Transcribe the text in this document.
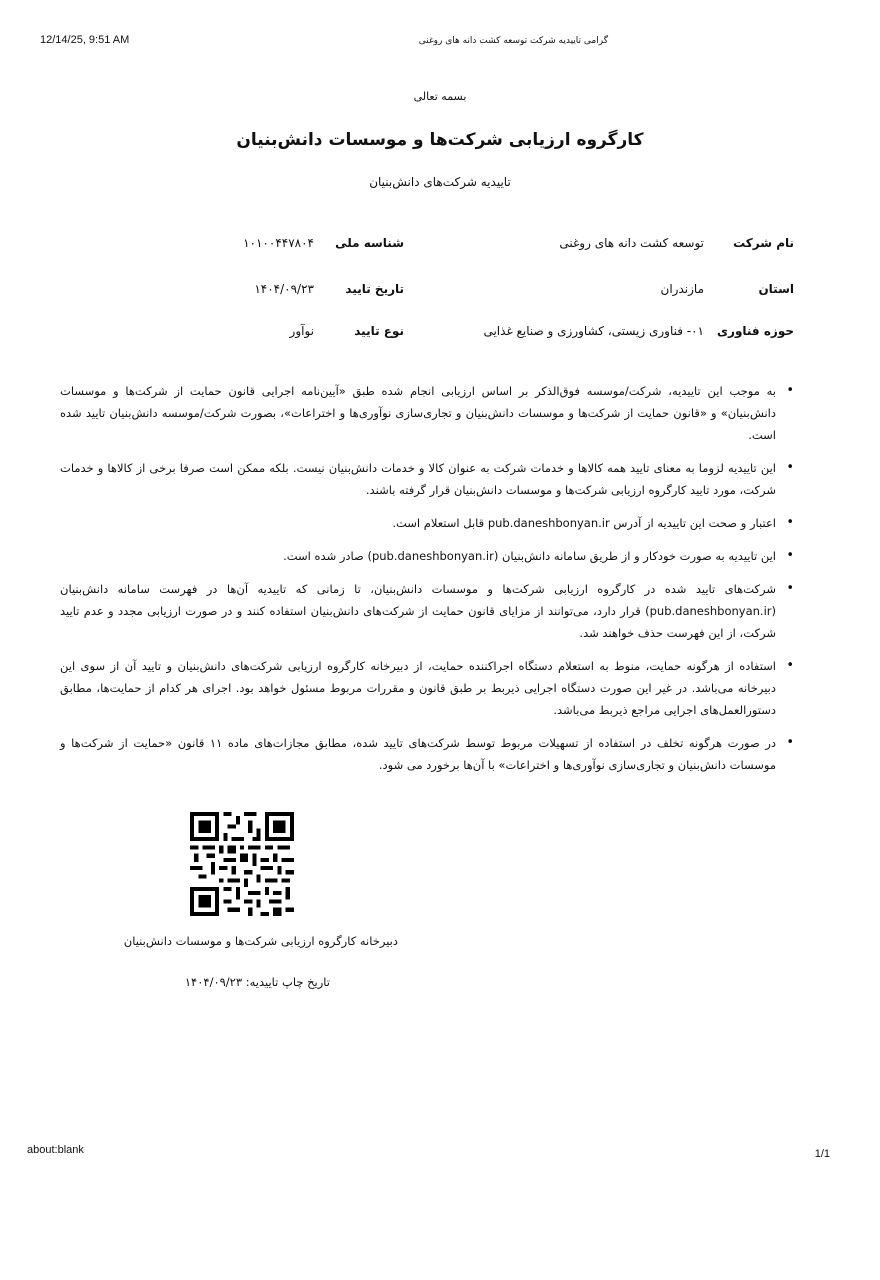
12/14/25, 9:51 AM	گرامی تاییدیه شرکت توسعه کشت دانه های روغنی
بسمه تعالی
کارگروه ارزیابی شرکت‌ها و موسسات دانش‌بنیان
تاییدیه شرکت‌های دانش‌بنیان
نام شرکت
توسعه کشت دانه های روغنی
شناسه ملی
۱۰۱۰۰۴۴۷۸۰۴
استان
مازندران
تاریخ تایید
۱۴۰۴/۰۹/۲۳
حوزه فناوری
۰۱- فناوری زیستی، کشاورزی و صنایع غذایی
نوع تایید
نوآور
•
به موجب این تاییدیه، شرکت/موسسه فوق‌الذکر بر اساس ارزیابی انجام شده طبق «آیین‌نامه اجرایی قانون حمایت از شرکت‌ها و موسسات دانش‌بنیان» و «قانون حمایت از شرکت‌ها و موسسات دانش‌بنیان و تجاری‌سازی نوآوری‌ها و اختراعات»، بصورت شرکت/موسسه دانش‌بنیان تایید شده است.
•
این تاییدیه لزوما به معنای تایید همه کالاها و خدمات شرکت به عنوان کالا و خدمات دانش‌بنیان نیست. بلکه ممکن است صرفا برخی از کالاها و خدمات شرکت، مورد تایید کارگروه ارزیابی شرکت‌ها و موسسات دانش‌بنیان قرار گرفته باشند.
•
اعتبار و صحت این تاییدیه از آدرس pub.daneshbonyan.ir قابل استعلام است.
•
این تاییدیه به صورت خودکار و از طریق سامانه دانش‌بنیان (pub.daneshbonyan.ir) صادر شده است.
•
شرکت‌های تایید شده در کارگروه ارزیابی شرکت‌ها و موسسات دانش‌بنیان، تا زمانی که تاییدیه آن‌ها در فهرست سامانه دانش‌بنیان (pub.daneshbonyan.ir) قرار دارد، می‌توانند از مزایای قانون حمایت از شرکت‌های دانش‌بنیان استفاده کنند و در صورت ارزیابی مجدد و عدم تایید شرکت، از این فهرست حذف خواهند شد.
•
استفاده از هرگونه حمایت، منوط به استعلام دستگاه اجراکننده حمایت، از دبیرخانه کارگروه ارزیابی شرکت‌های دانش‌بنیان و تایید آن از سوی این دبیرخانه می‌باشد. در غیر این صورت دستگاه اجرایی ذیربط بر طبق قانون و مقررات مربوط مسئول خواهد بود. اجرای هر کدام از حمایت‌ها، مطابق دستورالعمل‌های اجرایی مراجع ذیربط می‌باشد.
•
در صورت هرگونه تخلف در استفاده از تسهیلات مربوط توسط شرکت‌های تایید شده، مطابق مجازات‌های ماده ۱۱ قانون «حمایت از شرکت‌ها و موسسات دانش‌بنیان و تجاری‌سازی نوآوری‌ها و اختراعات» با آن‌ها برخورد می شود.
دبیرخانه کارگروه ارزیابی شرکت‌ها و موسسات دانش‌بنیان
تاریخ چاپ تاییدیه: ۱۴۰۴/۰۹/۲۳
about:blank	1/1
